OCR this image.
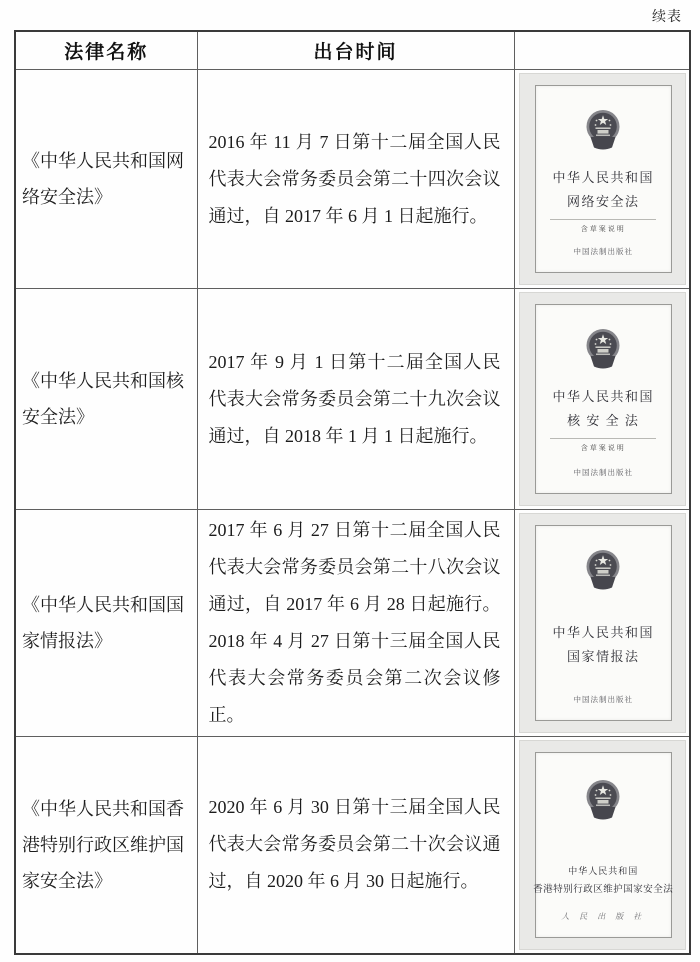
续表
法律名称	出台时间	
《中华人民共和国网络安全法》	2016 年 11 月 7 日第十二届全国人民代表大会常务委员会第二十四次会议通过，自 2017 年 6 月 1 日起施行。	中华人民共和国
网络安全法
含草案说明
中国法制出版社

《中华人民共和国核安全法》	2017 年 9 月 1 日第十二届全国人民代表大会常务委员会第二十九次会议通过，自 2018 年 1 月 1 日起施行。	中华人民共和国
核 安 全 法
含草案说明
中国法制出版社

《中华人民共和国国家情报法》	2017 年 6 月 27 日第十二届全国人民代表大会常务委员会第二十八次会议通过，自 2017 年 6 月 28 日起施行。2018 年 4 月 27 日第十三届全国人民代表大会常务委员会第二次会议修正。	中华人民共和国
国家情报法
中国法制出版社

《中华人民共和国香港特别行政区维护国家安全法》	2020 年 6 月 30 日第十三届全国人民代表大会常务委员会第二十次会议通过，自 2020 年 6 月 30 日起施行。	中华人民共和国
香港特别行政区维护国家安全法
人 民 出 版 社
